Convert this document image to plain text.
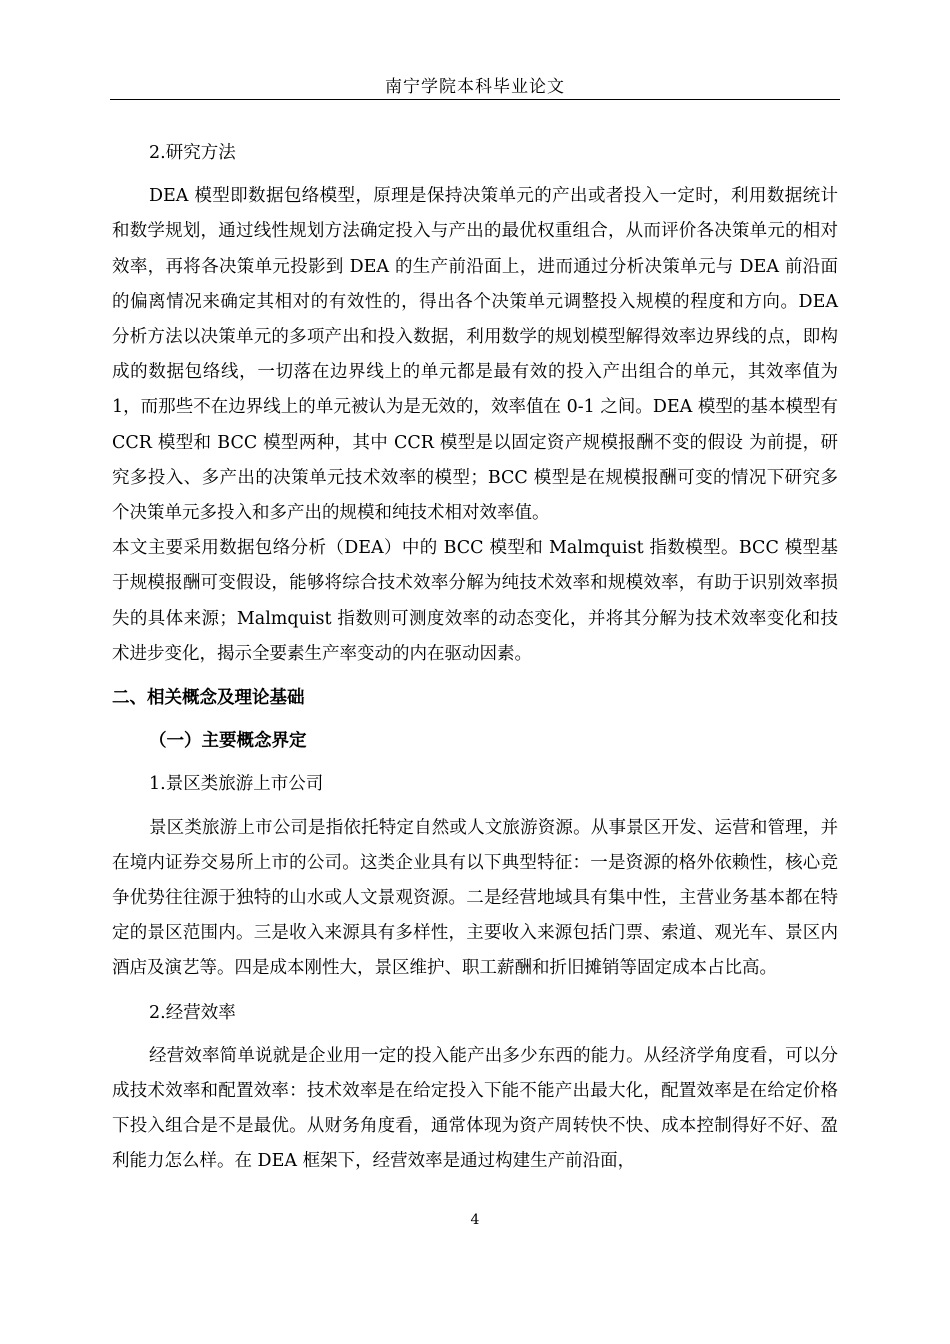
南宁学院本科毕业论文

2.研究方法

DEA 模型即数据包络模型，原理是保持决策单元的产出或者投入一定时，利用数据统计和数学规划，通过线性规划方法确定投入与产出的最优权重组合，从而评价各决策单元的相对效率，再将各决策单元投影到 DEA 的生产前沿面上，进而通过分析决策单元与 DEA 前沿面的偏离情况来确定其相对的有效性的，得出各个决策单元调整投入规模的程度和方向。DEA 分析方法以决策单元的多项产出和投入数据，利用数学的规划模型解得效率边界线的点，即构成的数据包络线，一切落在边界线上的单元都是最有效的投入产出组合的单元，其效率值为 1，而那些不在边界线上的单元被认为是无效的，效率值在 0-1 之间。DEA 模型的基本模型有 CCR 模型和 BCC 模型两种，其中 CCR 模型是以固定资产规模报酬不变的假设 为前提，研究多投入、多产出的决策单元技术效率的模型；BCC 模型是在规模报酬可变的情况下研究多个决策单元多投入和多产出的规模和纯技术相对效率值。

本文主要采用数据包络分析（DEA）中的 BCC 模型和 Malmquist 指数模型。BCC 模型基于规模报酬可变假设，能够将综合技术效率分解为纯技术效率和规模效率，有助于识别效率损失的具体来源；Malmquist 指数则可测度效率的动态变化，并将其分解为技术效率变化和技术进步变化，揭示全要素生产率变动的内在驱动因素。

二、相关概念及理论基础

（一）主要概念界定

1.景区类旅游上市公司

景区类旅游上市公司是指依托特定自然或人文旅游资源。从事景区开发、运营和管理，并在境内证券交易所上市的公司。这类企业具有以下典型特征：一是资源的格外依赖性，核心竞争优势往往源于独特的山水或人文景观资源。二是经营地域具有集中性，主营业务基本都在特定的景区范围内。三是收入来源具有多样性，主要收入来源包括门票、索道、观光车、景区内酒店及演艺等。四是成本刚性大，景区维护、职工薪酬和折旧摊销等固定成本占比高。

2.经营效率

经营效率简单说就是企业用一定的投入能产出多少东西的能力。从经济学角度看，可以分成技术效率和配置效率：技术效率是在给定投入下能不能产出最大化，配置效率是在给定价格下投入组合是不是最优。从财务角度看，通常体现为资产周转快不快、成本控制得好不好、盈利能力怎么样。在 DEA 框架下，经营效率是通过构建生产前沿面，

4
